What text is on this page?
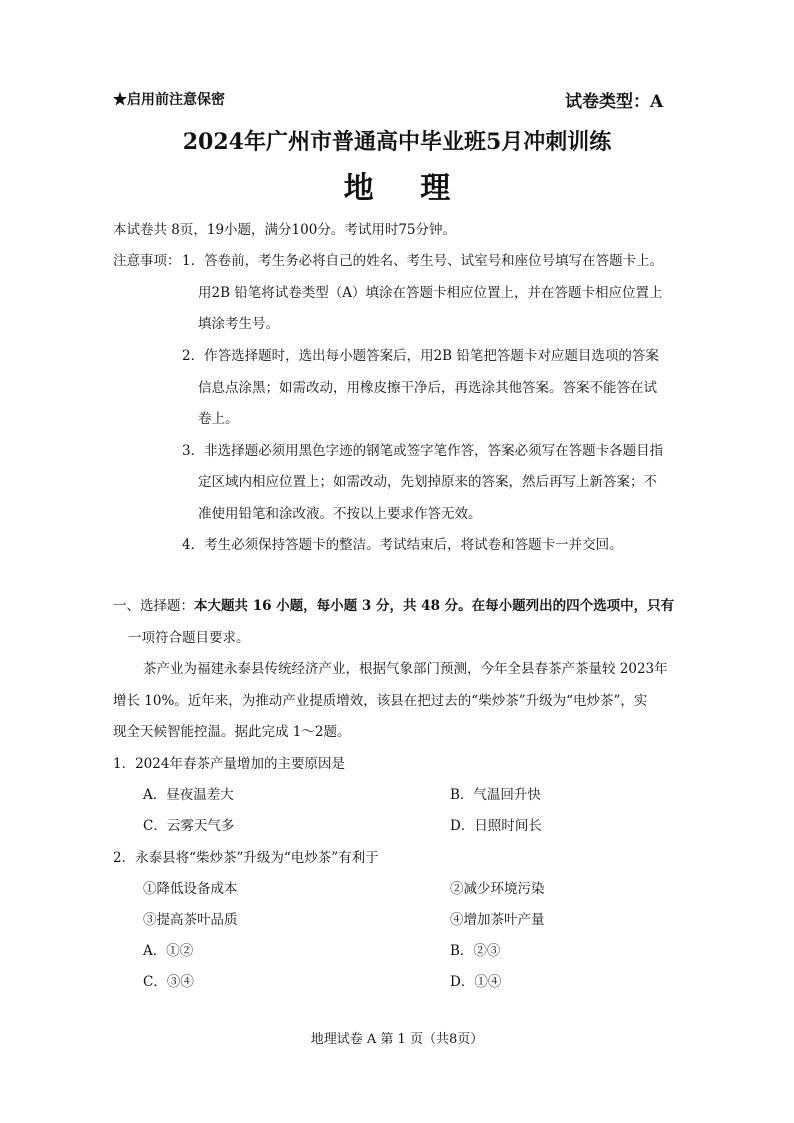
★启用前注意保密	试卷类型：A
2024年广州市普通高中毕业班5月冲刺训练
地 理
本试卷共 8页，19小题，满分100分。考试用时75分钟。
注意事项： 1．答卷前，考生务必将自己的姓名、考生号、试室号和座位号填写在答题卡上。
用2B 铅笔将试卷类型（A）填涂在答题卡相应位置上，并在答题卡相应位置上
填涂考生号。
2．作答选择题时，选出每小题答案后，用2B 铅笔把答题卡对应题目选项的答案
信息点涂黑；如需改动，用橡皮擦干净后，再选涂其他答案。答案不能答在试
卷上。
3．非选择题必须用黑色字迹的钢笔或签字笔作答，答案必须写在答题卡各题目指
定区域内相应位置上；如需改动，先划掉原来的答案，然后再写上新答案；不
准使用铅笔和涂改液。不按以上要求作答无效。
4．考生必须保持答题卡的整洁。考试结束后，将试卷和答题卡一并交回。
一、选择题：本大题共 16 小题，每小题 3 分，共 48 分。在每小题列出的四个选项中，只有
一项符合题目要求。
茶产业为福建永泰县传统经济产业，根据气象部门预测，今年全县春茶产茶量较 2023年
增长 10%。近年来，为推动产业提质增效，该县在把过去的“柴炒茶”升级为“电炒茶”，实
现全天候智能控温。据此完成 1～2题。
1．2024年春茶产量增加的主要原因是
A．昼夜温差大	B．气温回升快
C．云雾天气多	D．日照时间长
2．永泰县将“柴炒茶”升级为“电炒茶”有利于
①降低设备成本	②减少环境污染
③提高茶叶品质	④增加茶叶产量
A．①②	B．②③
C．③④	D．①④
地理试卷 A 第 1 页（共8页）
